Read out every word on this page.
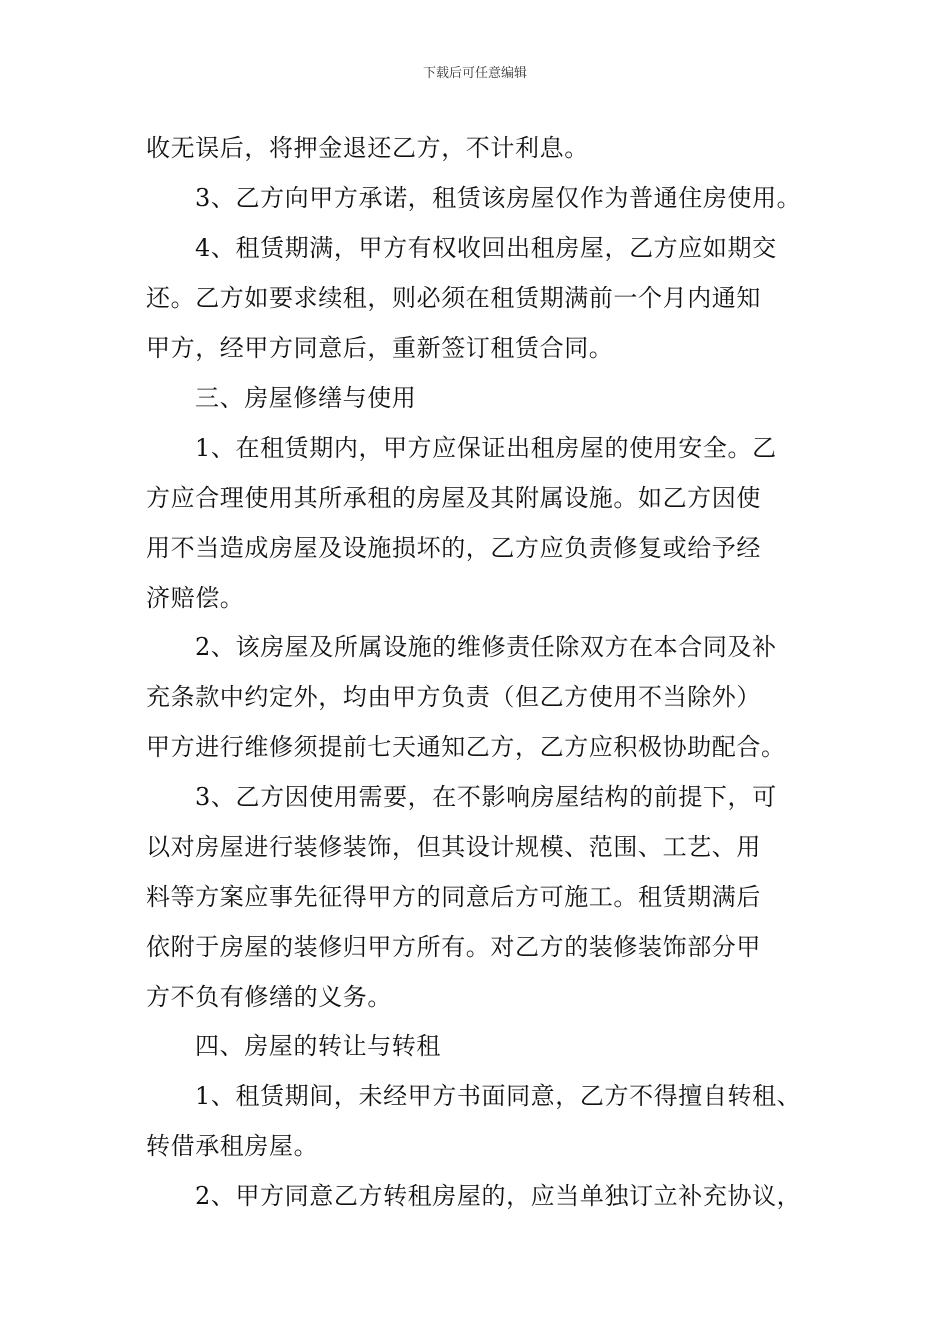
下载后可任意编辑
收无误后，将押金退还乙方，不计利息。
3、乙方向甲方承诺，租赁该房屋仅作为普通住房使用。
4、租赁期满，甲方有权收回出租房屋，乙方应如期交
还。乙方如要求续租，则必须在租赁期满前一个月内通知
甲方，经甲方同意后，重新签订租赁合同。
三、房屋修缮与使用
1、在租赁期内，甲方应保证出租房屋的使用安全。乙
方应合理使用其所承租的房屋及其附属设施。如乙方因使
用不当造成房屋及设施损坏的，乙方应负责修复或给予经
济赔偿。
2、该房屋及所属设施的维修责任除双方在本合同及补
充条款中约定外，均由甲方负责（但乙方使用不当除外）
甲方进行维修须提前七天通知乙方，乙方应积极协助配合。
3、乙方因使用需要，在不影响房屋结构的前提下，可
以对房屋进行装修装饰，但其设计规模、范围、工艺、用
料等方案应事先征得甲方的同意后方可施工。租赁期满后
依附于房屋的装修归甲方所有。对乙方的装修装饰部分甲
方不负有修缮的义务。
四、房屋的转让与转租
1、租赁期间，未经甲方书面同意，乙方不得擅自转租、
转借承租房屋。
2、甲方同意乙方转租房屋的，应当单独订立补充协议，
